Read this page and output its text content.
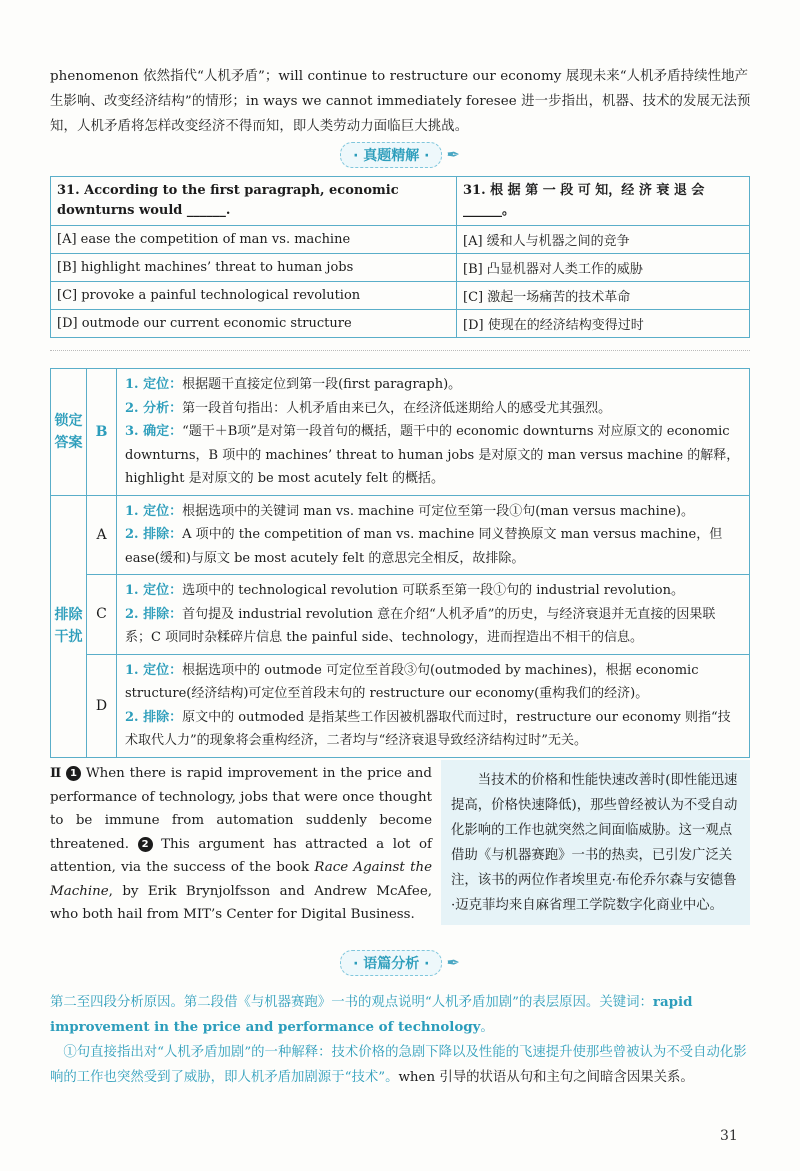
phenomenon 依然指代“人机矛盾”；will continue to restructure our economy 展现未来“人机矛盾持续性地产生影响、改变经济结构”的情形；in ways we cannot immediately foresee 进一步指出，机器、技术的发展无法预知，人机矛盾将怎样改变经济不得而知，即人类劳动力面临巨大挑战。
· 真题精解 · ✒
31. According to the first paragraph, economic downturns would ______.	31. 根 据 第 一 段 可 知，经 济 衰 退 会 ______。
[A] ease the competition of man vs. machine	[A] 缓和人与机器之间的竞争
[B] highlight machines’ threat to human jobs	[B] 凸显机器对人类工作的威胁
[C] provoke a painful technological revolution	[C] 激起一场痛苦的技术革命
[D] outmode our current economic structure	[D] 使现在的经济结构变得过时
锁定答案	B	1. 定位：根据题干直接定位到第一段(first paragraph)。
2. 分析：第一段首句指出：人机矛盾由来已久，在经济低迷期给人的感受尤其强烈。
3. 确定：“题干＋B项”是对第一段首句的概括，题干中的 economic downturns 对应原文的 economic downturns，B 项中的 machines’ threat to human jobs 是对原文的 man versus machine 的解释，highlight 是对原文的 be most acutely felt 的概括。

排除干扰	A	1. 定位：根据选项中的关键词 man vs. machine 可定位至第一段①句(man versus machine)。
2. 排除：A 项中的 the competition of man vs. machine 同义替换原文 man versus machine，但 ease(缓和)与原文 be most acutely felt 的意思完全相反，故排除。

	C	1. 定位：选项中的 technological revolution 可联系至第一段①句的 industrial revolution。
2. 排除：首句提及 industrial revolution 意在介绍“人机矛盾”的历史，与经济衰退并无直接的因果联系；C 项同时杂糅碎片信息 the painful side、technology，进而捏造出不相干的信息。

	D	1. 定位：根据选项中的 outmode 可定位至首段③句(outmoded by machines)，根据 economic structure(经济结构)可定位至首段末句的 restructure our economy(重构我们的经济)。
2. 排除：原文中的 outmoded 是指某些工作因被机器取代而过时，restructure our economy 则指“技术取代人力”的现象将会重构经济，二者均与“经济衰退导致经济结构过时”无关。
Ⅱ 1 When there is rapid improvement in the price and performance of technology, jobs that were once thought to be immune from automation suddenly become threatened. 2 This argument has attracted a lot of attention, via the success of the book Race Against the Machine, by Erik Brynjolfsson and Andrew McAfee, who both hail from MIT’s Center for Digital Business.
当技术的价格和性能快速改善时(即性能迅速提高，价格快速降低)，那些曾经被认为不受自动化影响的工作也就突然之间面临威胁。这一观点借助《与机器赛跑》一书的热卖，已引发广泛关注，该书的两位作者埃里克·布伦乔尔森与安德鲁·迈克菲均来自麻省理工学院数字化商业中心。
· 语篇分析 · ✒
第二至四段分析原因。第二段借《与机器赛跑》一书的观点说明“人机矛盾加剧”的表层原因。关键词：rapid improvement in the price and performance of technology。
①句直接指出对“人机矛盾加剧”的一种解释：技术价格的急剧下降以及性能的飞速提升使那些曾被认为不受自动化影响的工作也突然受到了威胁，即人机矛盾加剧源于“技术”。when 引导的状语从句和主句之间暗含因果关系。
31
